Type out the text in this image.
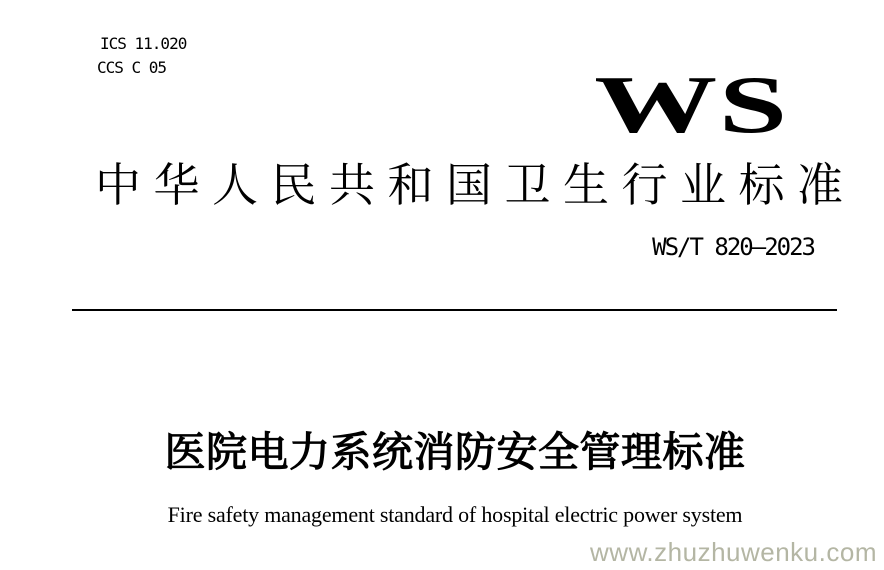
ICS 11.020
CCS C 05	WS
中华人民共和国卫生行业标准
WS/T 820—2023
医院电力系统消防安全管理标准
Fire safety management standard of hospital electric power system
www.zhuzhuwenku.com
